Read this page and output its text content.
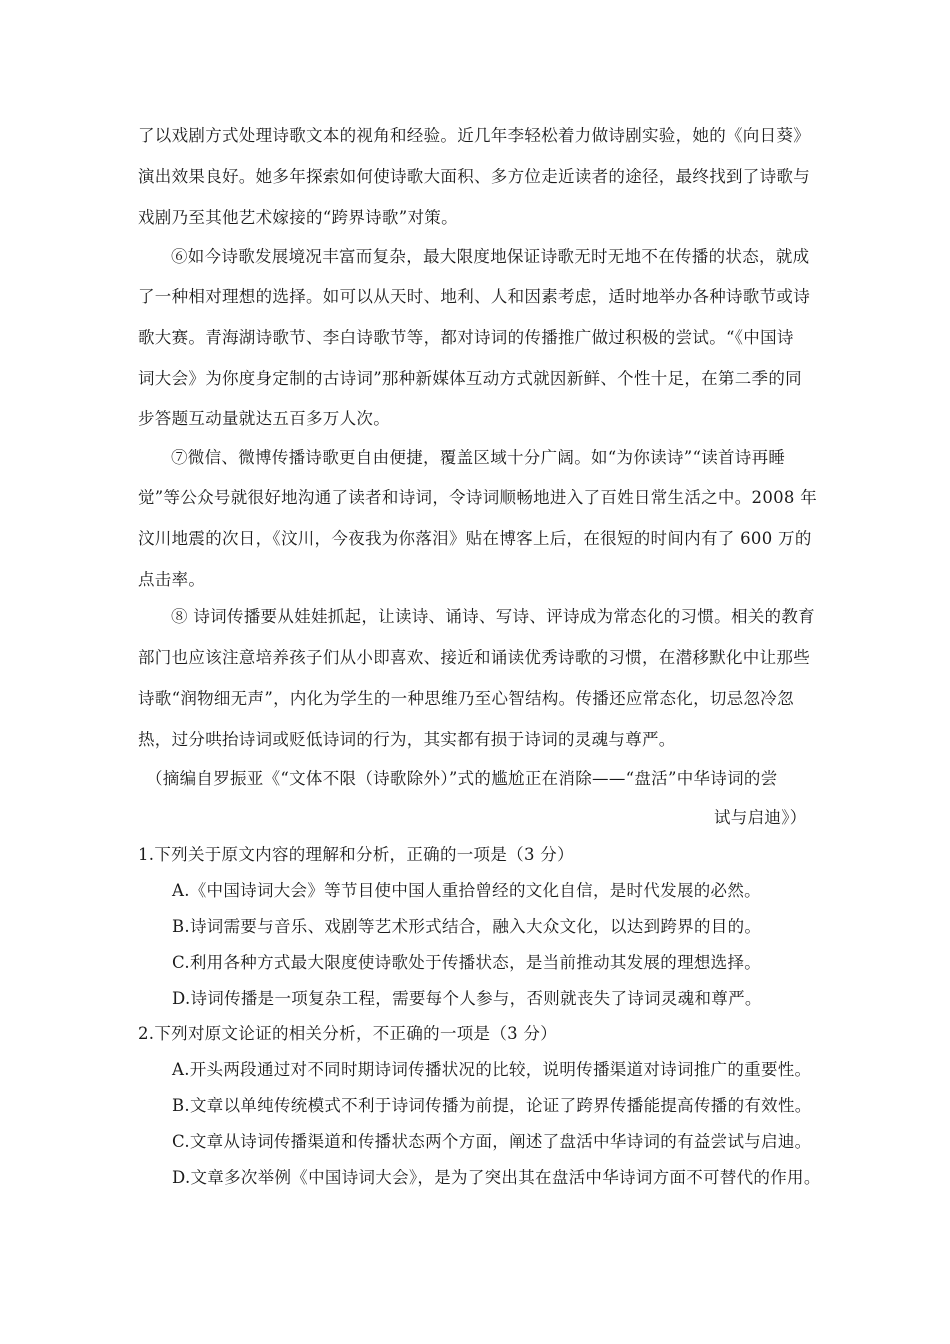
了以戏剧方式处理诗歌文本的视角和经验。近几年李轻松着力做诗剧实验，她的《向日葵》
演出效果良好。她多年探索如何使诗歌大面积、多方位走近读者的途径，最终找到了诗歌与
戏剧乃至其他艺术嫁接的“跨界诗歌”对策。
⑥如今诗歌发展境况丰富而复杂，最大限度地保证诗歌无时无地不在传播的状态，就成
了一种相对理想的选择。如可以从天时、地利、人和因素考虑，适时地举办各种诗歌节或诗
歌大赛。青海湖诗歌节、李白诗歌节等，都对诗词的传播推广做过积极的尝试。“《中国诗
词大会》为你度身定制的古诗词”那种新媒体互动方式就因新鲜、个性十足，在第二季的同
步答题互动量就达五百多万人次。
⑦微信、微博传播诗歌更自由便捷，覆盖区域十分广阔。如“为你读诗”“读首诗再睡
觉”等公众号就很好地沟通了读者和诗词，令诗词顺畅地进入了百姓日常生活之中。2008 年
汶川地震的次日，《汶川，今夜我为你落泪》贴在博客上后，在很短的时间内有了 600 万的
点击率。
⑧ 诗词传播要从娃娃抓起，让读诗、诵诗、写诗、评诗成为常态化的习惯。相关的教育
部门也应该注意培养孩子们从小即喜欢、接近和诵读优秀诗歌的习惯，在潜移默化中让那些
诗歌“润物细无声”，内化为学生的一种思维乃至心智结构。传播还应常态化，切忌忽冷忽
热，过分哄抬诗词或贬低诗词的行为，其实都有损于诗词的灵魂与尊严。
（摘编自罗振亚《“文体不限（诗歌除外）”式的尴尬正在消除——“盘活”中华诗词的尝
试与启迪》）
1.下列关于原文内容的理解和分析，正确的一项是（3 分）
A.《中国诗词大会》等节目使中国人重拾曾经的文化自信，是时代发展的必然。
B.诗词需要与音乐、戏剧等艺术形式结合，融入大众文化，以达到跨界的目的。
C.利用各种方式最大限度使诗歌处于传播状态，是当前推动其发展的理想选择。
D.诗词传播是一项复杂工程，需要每个人参与，否则就丧失了诗词灵魂和尊严。
2.下列对原文论证的相关分析，不正确的一项是（3 分）
A.开头两段通过对不同时期诗词传播状况的比较，说明传播渠道对诗词推广的重要性。
B.文章以单纯传统模式不利于诗词传播为前提，论证了跨界传播能提高传播的有效性。
C.文章从诗词传播渠道和传播状态两个方面，阐述了盘活中华诗词的有益尝试与启迪。
D.文章多次举例《中国诗词大会》，是为了突出其在盘活中华诗词方面不可替代的作用。
